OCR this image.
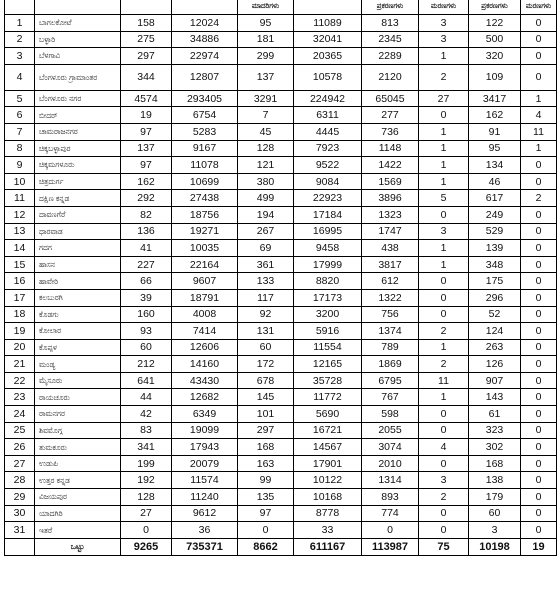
				ಮಾದರಿಗಳು		ಪ್ರಕರಣಗಳು	ಮರಣಗಳು	ಪ್ರಕರಣಗಳು	ಮರಣಗಳು
1	ಬಾಗಲಕೋಟೆ	158	12024	95	11089	813	3	122	0
2	ಬಳ್ಳಾರಿ	275	34886	181	32041	2345	3	500	0
3	ಬೆಳಗಾವಿ	297	22974	299	20365	2289	1	320	0
4	ಬೆಂಗಳೂರು ಗ್ರಾಮಾಂತರ	344	12807	137	10578	2120	2	109	0
5	ಬೆಂಗಳೂರು ನಗರ	4574	293405	3291	224942	65045	27	3417	1
6	ಬೀದರ್	19	6754	7	6311	277	0	162	4
7	ಚಾಮರಾಜನಗರ	97	5283	45	4445	736	1	91	11
8	ಚಿಕ್ಕಬಳ್ಳಾಪುರ	137	9167	128	7923	1148	1	95	1
9	ಚಿಕ್ಕಮಗಳೂರು	97	11078	121	9522	1422	1	134	0
10	ಚಿತ್ರದುರ್ಗ	162	10699	380	9084	1569	1	46	0
11	ದಕ್ಷಿಣ ಕನ್ನಡ	292	27438	499	22923	3896	5	617	2
12	ದಾವಣಗೆರೆ	82	18756	194	17184	1323	0	249	0
13	ಧಾರವಾಡ	136	19271	267	16995	1747	3	529	0
14	ಗದಗ	41	10035	69	9458	438	1	139	0
15	ಹಾಸನ	227	22164	361	17999	3817	1	348	0
16	ಹಾವೇರಿ	66	9607	133	8820	612	0	175	0
17	ಕಲಬುರಗಿ	39	18791	117	17173	1322	0	296	0
18	ಕೊಡಗು	160	4008	92	3200	756	0	52	0
19	ಕೋಲಾರ	93	7414	131	5916	1374	2	124	0
20	ಕೊಪ್ಪಳ	60	12606	60	11554	789	1	263	0
21	ಮಂಡ್ಯ	212	14160	172	12165	1869	2	126	0
22	ಮೈಸೂರು	641	43430	678	35728	6795	11	907	0
23	ರಾಯಚೂರು	44	12682	145	11772	767	1	143	0
24	ರಾಮನಗರ	42	6349	101	5690	598	0	61	0
25	ಶಿವಮೊಗ್ಗ	83	19099	297	16721	2055	0	323	0
26	ತುಮಕೂರು	341	17943	168	14567	3074	4	302	0
27	ಉಡುಪಿ	199	20079	163	17901	2010	0	168	0
28	ಉತ್ತರ ಕನ್ನಡ	192	11574	99	10122	1314	3	138	0
29	ವಿಜಯಪುರ	128	11240	135	10168	893	2	179	0
30	ಯಾದಗಿರಿ	27	9612	97	8778	774	0	60	0
31	ಇತರೆ	0	36	0	33	0	0	3	0
	ಒಟ್ಟು	9265	735371	8662	611167	113987	75	10198	19
